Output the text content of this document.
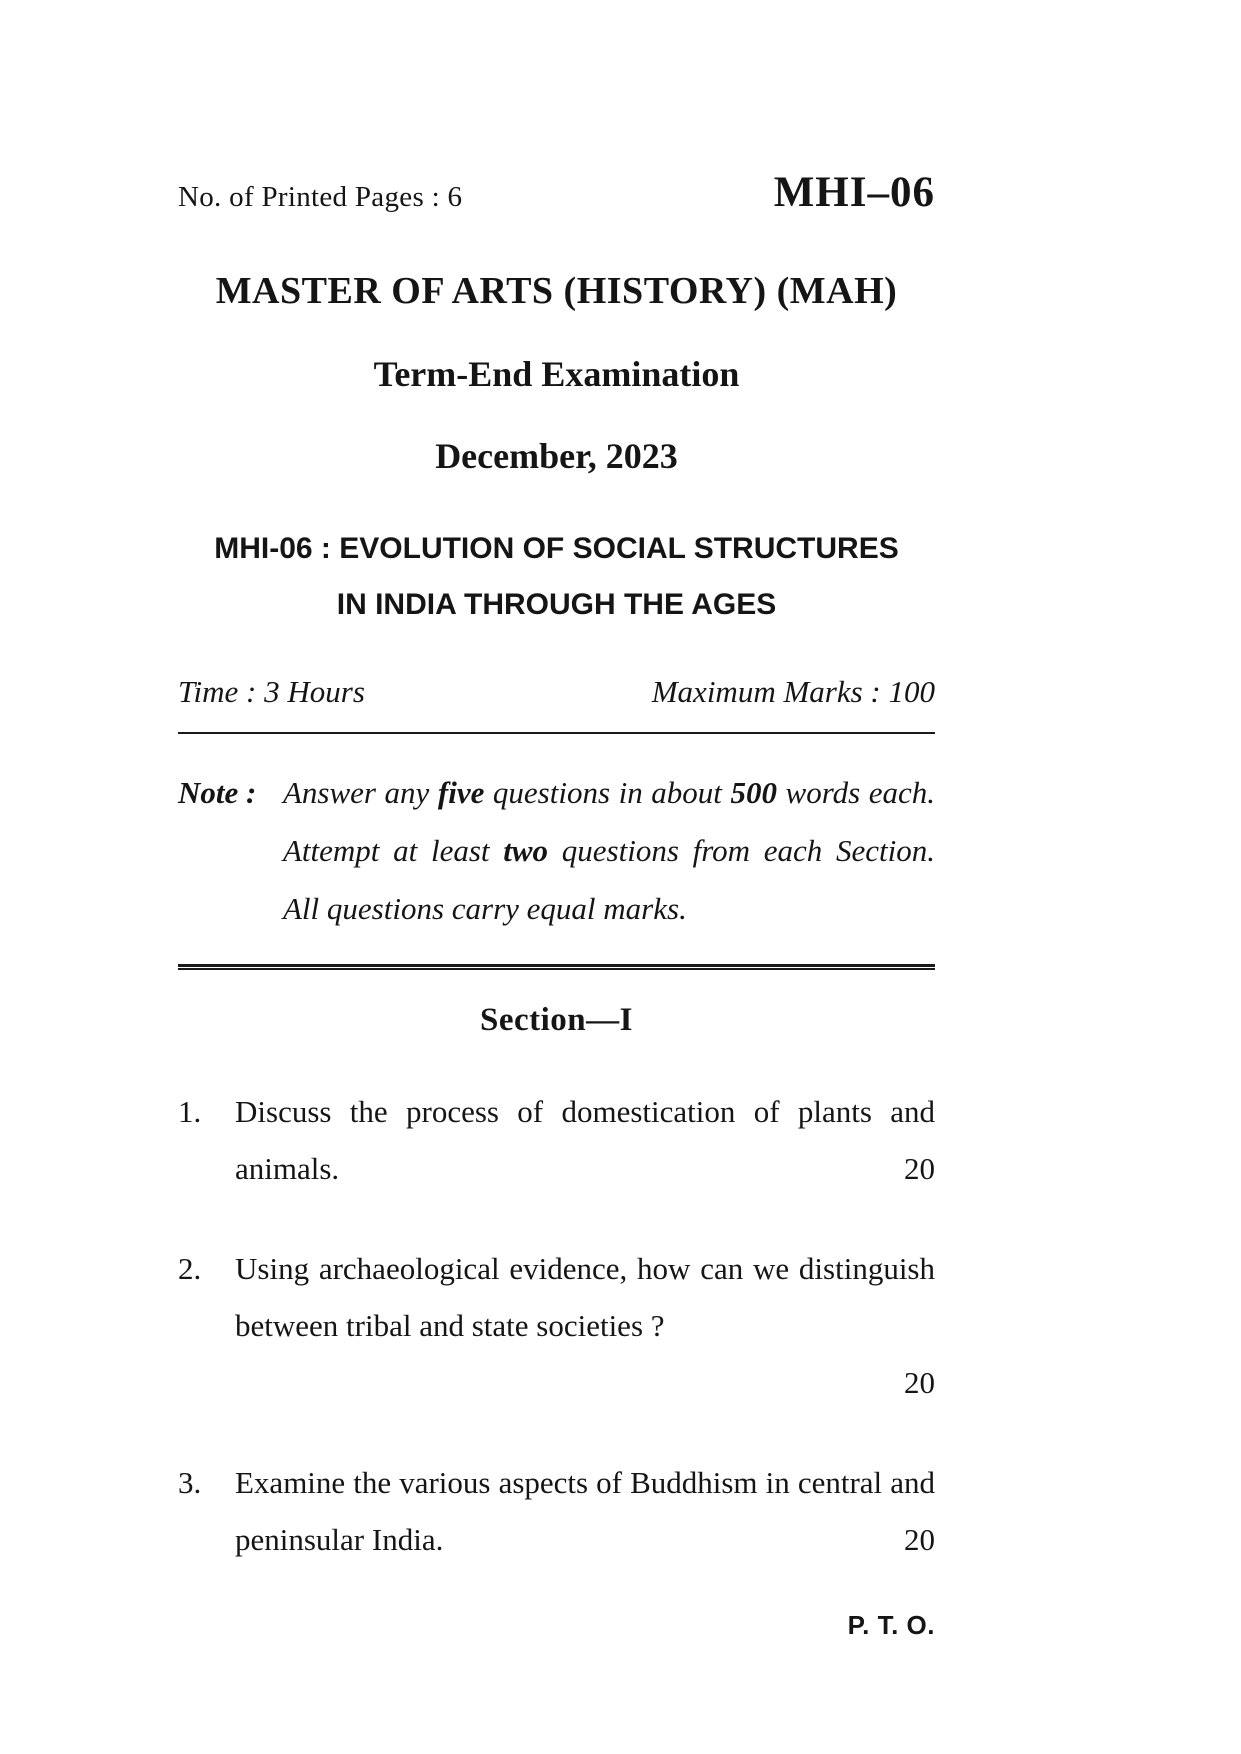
No. of Printed Pages : 6	MHI–06
MASTER OF ARTS (HISTORY) (MAH)
Term-End Examination
December, 2023
MHI-06 : EVOLUTION OF SOCIAL STRUCTURES
IN INDIA THROUGH THE AGES
Time : 3 Hours	Maximum Marks : 100
Note : Answer any five questions in about 500 words each. Attempt at least two questions from each Section. All questions carry equal marks.
Section—I
1.	Discuss the process of domestication of plants and animals.	20
2.	Using archaeological evidence, how can we distinguish between tribal and state societies ?
20
3.	Examine the various aspects of Buddhism in central and peninsular India.	20
P. T. O.
